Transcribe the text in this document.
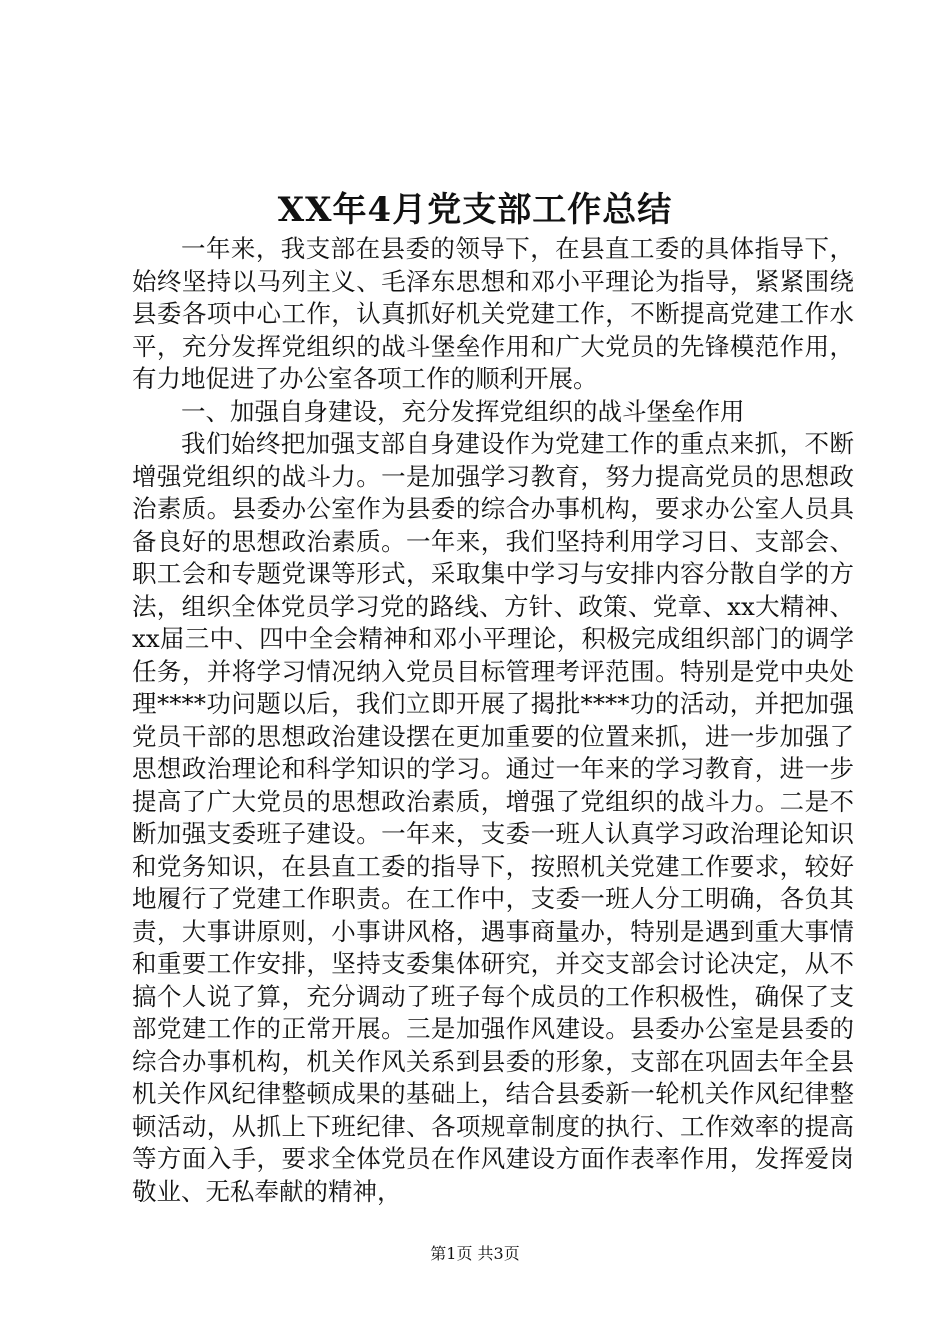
XX年4月党支部工作总结

一年来，我支部在县委的领导下，在县直工委的具体指导下，始终坚持以马列主义、毛泽东思想和邓小平理论为指导，紧紧围绕县委各项中心工作，认真抓好机关党建工作，不断提高党建工作水平，充分发挥党组织的战斗堡垒作用和广大党员的先锋模范作用，有力地促进了办公室各项工作的顺利开展。

一、加强自身建设，充分发挥党组织的战斗堡垒作用

我们始终把加强支部自身建设作为党建工作的重点来抓，不断增强党组织的战斗力。一是加强学习教育，努力提高党员的思想政治素质。县委办公室作为县委的综合办事机构，要求办公室人员具备良好的思想政治素质。一年来，我们坚持利用学习日、支部会、职工会和专题党课等形式，采取集中学习与安排内容分散自学的方法，组织全体党员学习党的路线、方针、政策、党章、xx大精神、xx届三中、四中全会精神和邓小平理论，积极完成组织部门的调学任务，并将学习情况纳入党员目标管理考评范围。特别是党中央处理****功问题以后，我们立即开展了揭批****功的活动，并把加强党员干部的思想政治建设摆在更加重要的位置来抓，进一步加强了思想政治理论和科学知识的学习。通过一年来的学习教育，进一步提高了广大党员的思想政治素质，增强了党组织的战斗力。二是不断加强支委班子建设。一年来，支委一班人认真学习政治理论知识和党务知识，在县直工委的指导下，按照机关党建工作要求，较好地履行了党建工作职责。在工作中，支委一班人分工明确，各负其责，大事讲原则，小事讲风格，遇事商量办，特别是遇到重大事情和重要工作安排，坚持支委集体研究，并交支部会讨论决定，从不搞个人说了算，充分调动了班子每个成员的工作积极性，确保了支部党建工作的正常开展。三是加强作风建设。县委办公室是县委的综合办事机构，机关作风关系到县委的形象，支部在巩固去年全县机关作风纪律整顿成果的基础上，结合县委新一轮机关作风纪律整顿活动，从抓上下班纪律、各项规章制度的执行、工作效率的提高等方面入手，要求全体党员在作风建设方面作表率作用，发挥爱岗敬业、无私奉献的精神，

第1页 共3页
